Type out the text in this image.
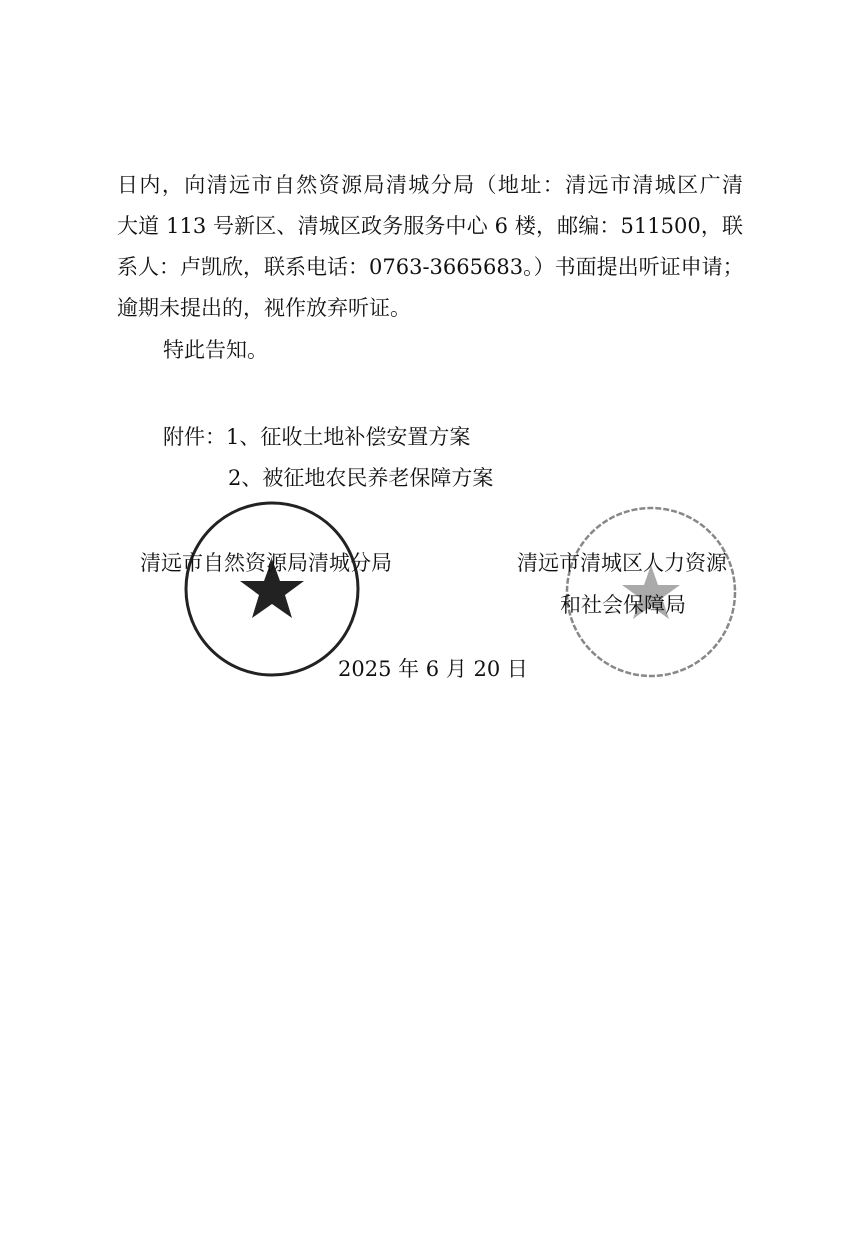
日内，向清远市自然资源局清城分局（地址：清远市清城区广清
大道 113 号新区、清城区政务服务中心 6 楼，邮编：511500，联
系人：卢凯欣，联系电话：0763-3665683。）书面提出听证申请；
逾期未提出的，视作放弃听证。
特此告知。
附件：1、征收土地补偿安置方案
2、被征地农民养老保障方案
清远市自然资源局清城分局	清远市清城区人力资源
和社会保障局
2025 年 6 月 20 日
